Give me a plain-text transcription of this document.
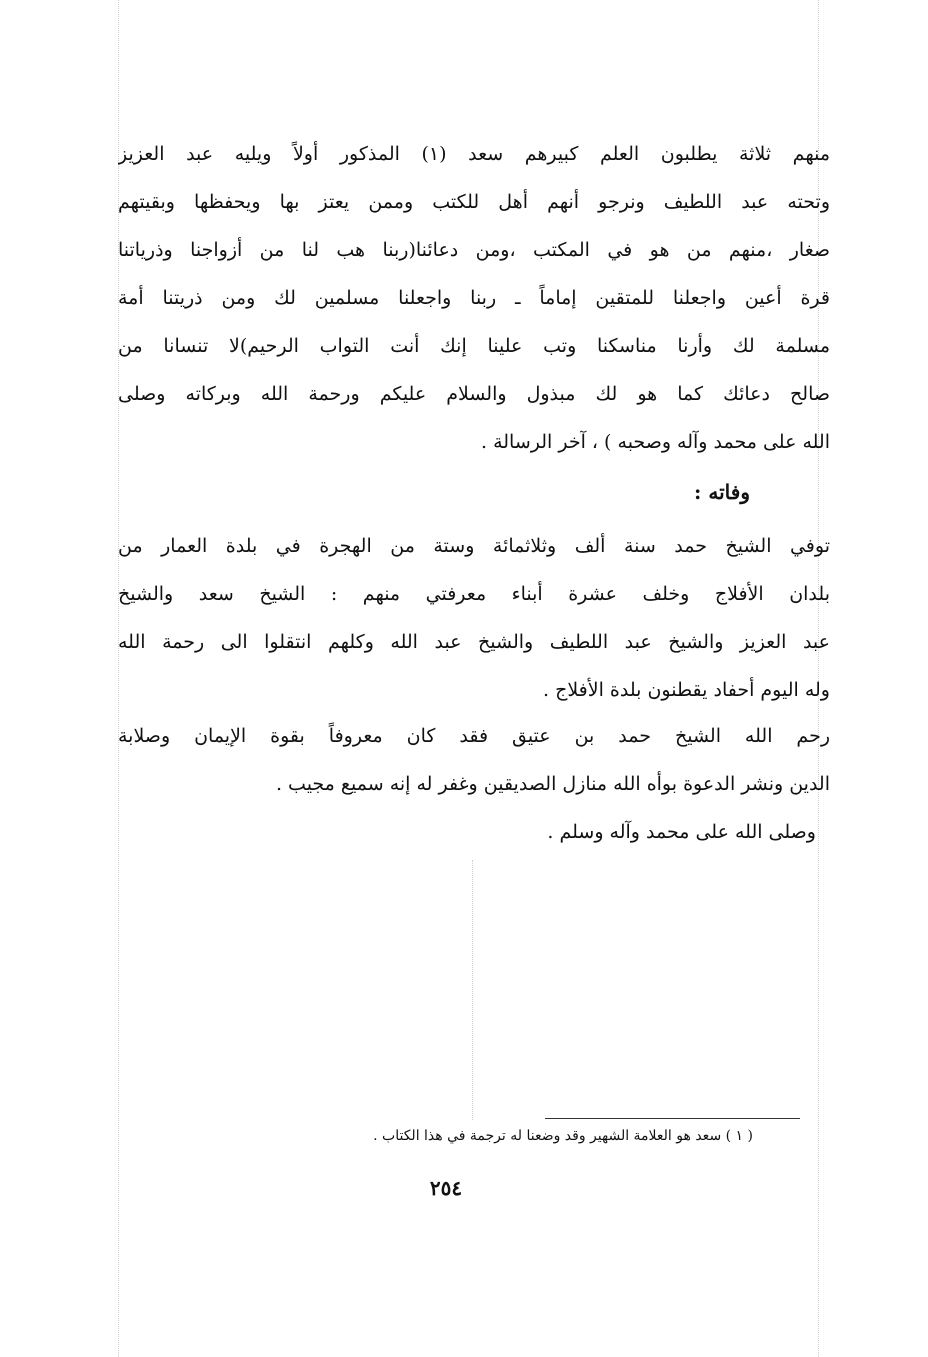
منهم ثلاثة يطلبون العلم كبيرهم سعد (١) المذكور أولاً ويليه عبد العزيز
وتحته عبد اللطيف ونرجو أنهم أهل للكتب وممن يعتز بها ويحفظها وبقيتهم
صغار ،منهم من هو في المكتب ،ومن دعائنا(ربنا هب لنا من أزواجنا وذرياتنا
قرة أعين واجعلنا للمتقين إماماً ـ ربنا واجعلنا مسلمين لك ومن ذريتنا أمة
مسلمة لك وأرنا مناسكنا وتب علينا إنك أنت التواب الرحيم)لا تنسانا من
صالح دعائك كما هو لك مبذول والسلام عليكم ورحمة الله وبركاته وصلى
الله على محمد وآله وصحبه ) ، آخر الرسالة .
وفاته :
توفي الشيخ حمد سنة ألف وثلاثمائة وستة من الهجرة في بلدة العمار من
بلدان الأفلاج وخلف عشرة أبناء معرفتي منهم : الشيخ سعد والشيخ
عبد العزيز والشيخ عبد اللطيف والشيخ عبد الله وكلهم انتقلوا الى رحمة الله
وله اليوم أحفاد يقطنون بلدة الأفلاج .
رحم الله الشيخ حمد بن عتيق فقد كان معروفاً بقوة الإيمان وصلابة
الدين ونشر الدعوة بوأه الله منازل الصديقين وغفر له إنه سميع مجيب .
وصلى الله على محمد وآله وسلم .
( ١ ) سعد هو العلامة الشهير وقد وضعنا له ترجمة في هذا الكتاب .
٢٥٤
